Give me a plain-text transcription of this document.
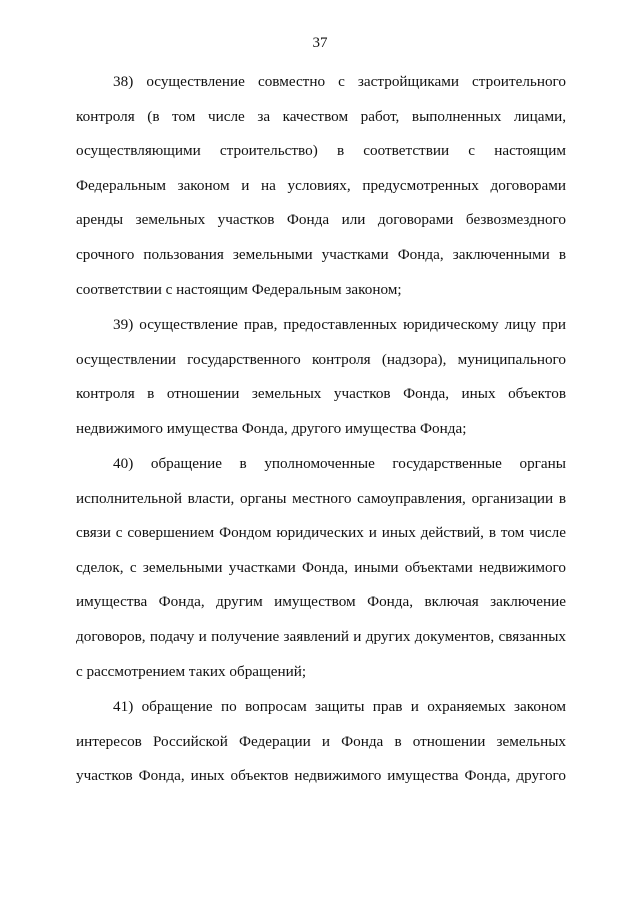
37
38) осуществление совместно с застройщиками строительного
контроля (в том числе за качеством работ, выполненных лицами,
осуществляющими строительство) в соответствии с настоящим
Федеральным законом и на условиях, предусмотренных договорами
аренды земельных участков Фонда или договорами безвозмездного
срочного пользования земельными участками Фонда, заключенными в
соответствии с настоящим Федеральным законом;
39) осуществление прав, предоставленных юридическому лицу при
осуществлении государственного контроля (надзора), муниципального
контроля в отношении земельных участков Фонда, иных объектов
недвижимого имущества Фонда, другого имущества Фонда;
40) обращение в уполномоченные государственные органы
исполнительной власти, органы местного самоуправления, организации в
связи с совершением Фондом юридических и иных действий, в том числе
сделок, с земельными участками Фонда, иными объектами недвижимого
имущества Фонда, другим имуществом Фонда, включая заключение
договоров, подачу и получение заявлений и других документов, связанных
с рассмотрением таких обращений;
41) обращение по вопросам защиты прав и охраняемых законом
интересов Российской Федерации и Фонда в отношении земельных
участков Фонда, иных объектов недвижимого имущества Фонда, другого
